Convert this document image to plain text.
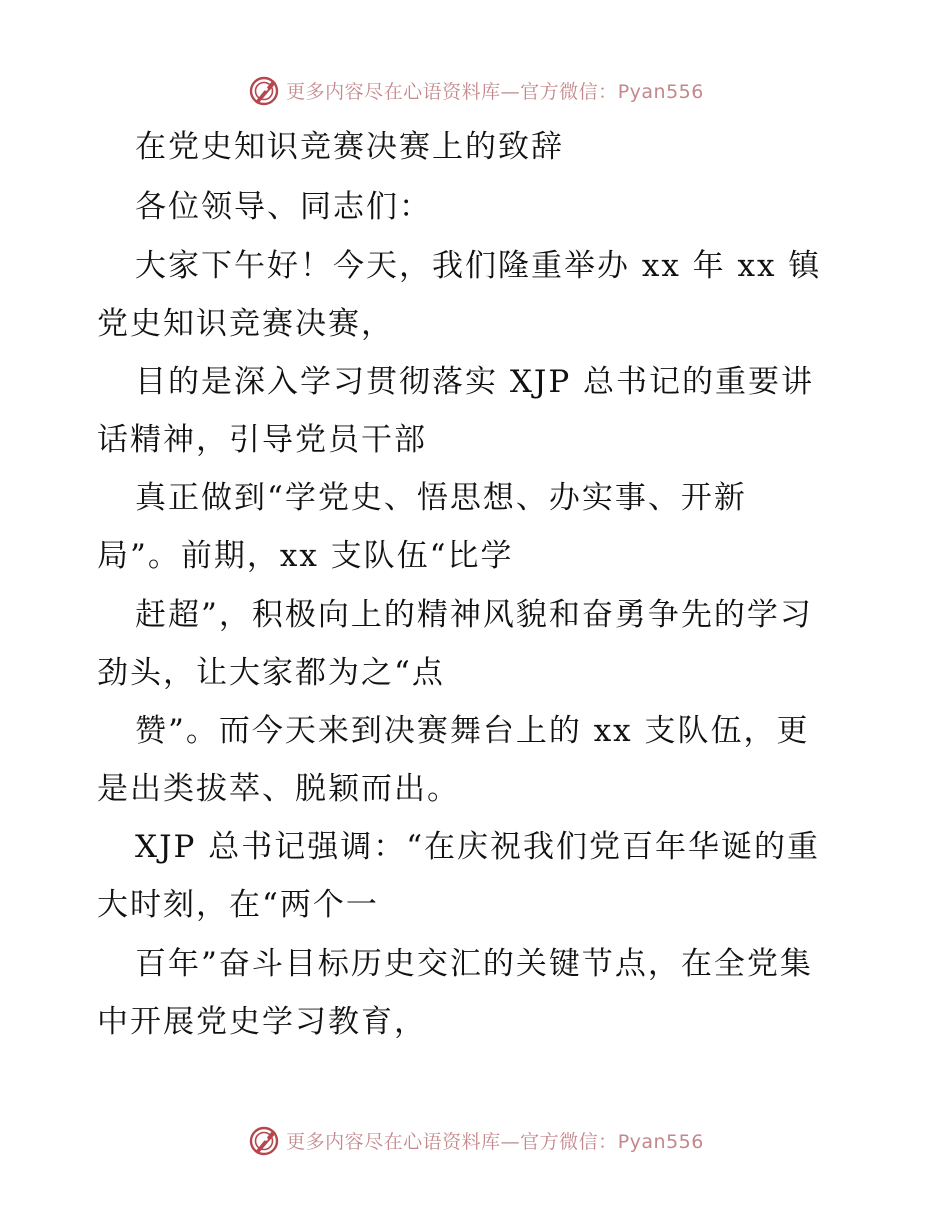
更多内容尽在心语资料库—官方微信：Pyan556
在党史知识竞赛决赛上的致辞
各位领导、同志们：
大家下午好！今天，我们隆重举办 xx 年 xx 镇
党史知识竞赛决赛，
目的是深入学习贯彻落实 XJP 总书记的重要讲
话精神，引导党员干部
真正做到“学党史、悟思想、办实事、开新
局”。前期，xx 支队伍“比学
赶超”，积极向上的精神风貌和奋勇争先的学习
劲头，让大家都为之“点
赞”。而今天来到决赛舞台上的 xx 支队伍，更
是出类拔萃、脱颖而出。
XJP 总书记强调：“在庆祝我们党百年华诞的重
大时刻，在“两个一
百年”奋斗目标历史交汇的关键节点，在全党集
中开展党史学习教育，
更多内容尽在心语资料库—官方微信：Pyan556
